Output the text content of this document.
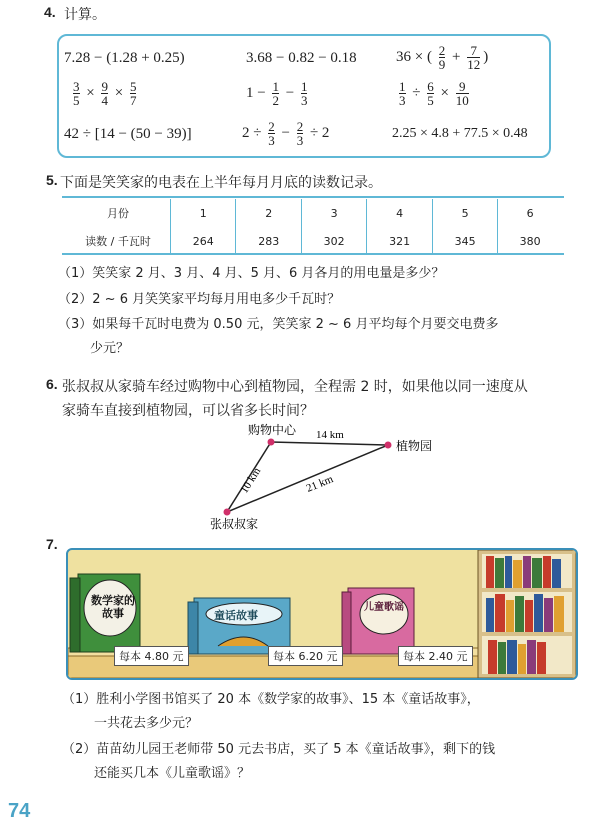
4. 计算。
7.28 − (1.28 + 0.25)	3.68 − 0.82 − 0.18	36 × ( $\frac{2}{9} + \frac{7}{12}$ )
$\frac{3}{5} \times \frac{9}{4} \times \frac{5}{7}$	$1 - \frac{1}{2} - \frac{1}{3}$	$\frac{1}{3} \div \frac{6}{5} \times \frac{9}{10}$
42 ÷ [14 − (50 − 39)]	$2 \div \frac{2}{3} - \frac{2}{3} \div 2$	2.25 × 4.8 + 77.5 × 0.48
5. 下面是笑笑家的电表在上半年每月月底的读数记录。
月份	1	2	3	4	5	6
读数 / 千瓦时	264	283	302	321	345	380
（1）笑笑家 2 月、3 月、4 月、5 月、6 月各月的用电量是多少？
（2）2 ~ 6 月笑笑家平均每月用电多少千瓦时？
（3）如果每千瓦时电费为 0.50 元，笑笑家 2 ~ 6 月平均每个月要交电费多
少元？
6. 张叔叔从家骑车经过购物中心到植物园，全程需 2 时，如果他以同一速度从
家骑车直接到植物园，可以省多长时间？
购物中心
植物园
张叔叔家
14 km
10 km	21 km
7.
数学家的故事	童话故事
儿童歌谣
每本 4.80 元	每本 6.20 元	每本 2.40 元
（1）胜利小学图书馆买了 20 本《数学家的故事》、15 本《童话故事》，
一共花去多少元？
（2）苗苗幼儿园王老师带 50 元去书店，买了 5 本《童话故事》，剩下的钱
还能买几本《儿童歌谣》？
74
